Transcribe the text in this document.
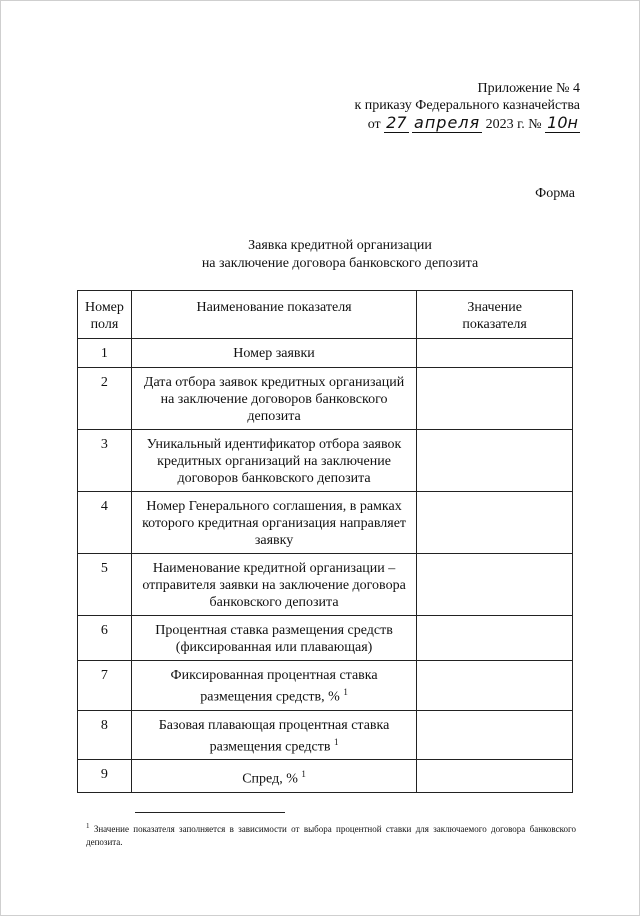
Приложение № 4
к приказу Федерального казначейства
от 27 апреля 2023 г. № 10н
Форма
Заявка кредитной организации
на заключение договора банковского депозита
Номер поля	Наименование показателя	Значение показателя
1	Номер заявки	
2	Дата отбора заявок кредитных организаций на заключение договоров банковского депозита	
3	Уникальный идентификатор отбора заявок кредитных организаций на заключение договоров банковского депозита	
4	Номер Генерального соглашения, в рамках которого кредитная организация направляет заявку	
5	Наименование кредитной организации – отправителя заявки на заключение договора банковского депозита	
6	Процентная ставка размещения средств (фиксированная или плавающая)	
7	Фиксированная процентная ставка размещения средств, % $^1$	
8	Базовая плавающая процентная ставка размещения средств $^1$	
9	Спред, % $^1$	
$^1$ Значение показателя заполняется в зависимости от выбора процентной ставки для заключаемого договора банковского депозита.
